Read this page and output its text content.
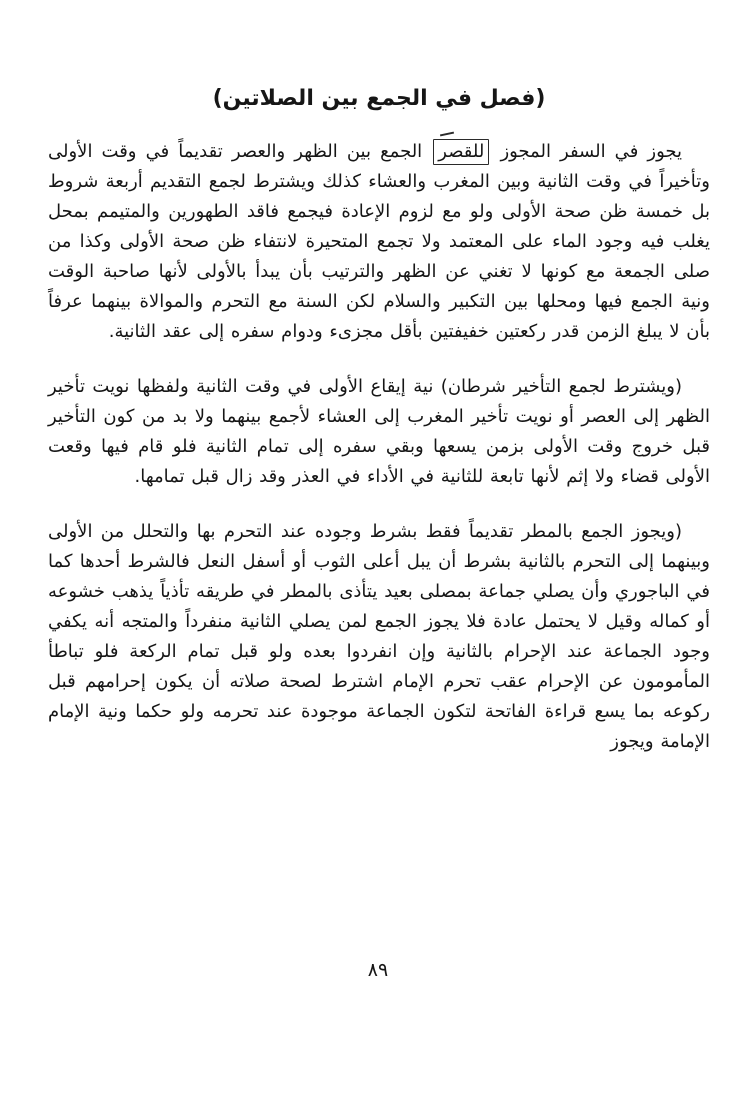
(فصل في الجمع بين الصلاتين)

يجوز في السفر المجوز للقصر الجمع بين الظهر والعصر تقديماً في وقت الأولى وتأخيراً في وقت الثانية وبين المغرب والعشاء كذلك ويشترط لجمع التقديم أربعة شروط بل خمسة ظن صحة الأولى ولو مع لزوم الإعادة فيجمع فاقد الطهورين والمتيمم بمحل يغلب فيه وجود الماء على المعتمد ولا تجمع المتحيرة لانتفاء ظن صحة الأولى وكذا من صلى الجمعة مع كونها لا تغني عن الظهر والترتيب بأن يبدأ بالأولى لأنها صاحبة الوقت ونية الجمع فيها ومحلها بين التكبير والسلام لكن السنة مع التحرم والموالاة بينهما عرفاً بأن لا يبلغ الزمن قدر ركعتين خفيفتين بأقل مجزىء ودوام سفره إلى عقد الثانية.

(ويشترط لجمع التأخير شرطان) نية إيقاع الأولى في وقت الثانية ولفظها نويت تأخير الظهر إلى العصر أو نويت تأخير المغرب إلى العشاء لأجمع بينهما ولا بد من كون التأخير قبل خروج وقت الأولى بزمن يسعها وبقي سفره إلى تمام الثانية فلو قام فيها وقعت الأولى قضاء ولا إثم لأنها تابعة للثانية في الأداء في العذر وقد زال قبل تمامها.

(ويجوز الجمع بالمطر تقديماً فقط بشرط وجوده عند التحرم بها والتحلل من الأولى وبينهما إلى التحرم بالثانية بشرط أن يبل أعلى الثوب أو أسفل النعل فالشرط أحدها كما في الباجوري وأن يصلي جماعة بمصلى بعيد يتأذى بالمطر في طريقه تأذياً يذهب خشوعه أو كماله وقيل لا يحتمل عادة فلا يجوز الجمع لمن يصلي الثانية منفرداً والمتجه أنه يكفي وجود الجماعة عند الإحرام بالثانية وإن انفردوا بعده ولو قبل تمام الركعة فلو تباطأ المأمومون عن الإحرام عقب تحرم الإمام اشترط لصحة صلاته أن يكون إحرامهم قبل ركوعه بما يسع قراءة الفاتحة لتكون الجماعة موجودة عند تحرمه ولو حكما ونية الإمام الإمامة ويجوز

٨٩
